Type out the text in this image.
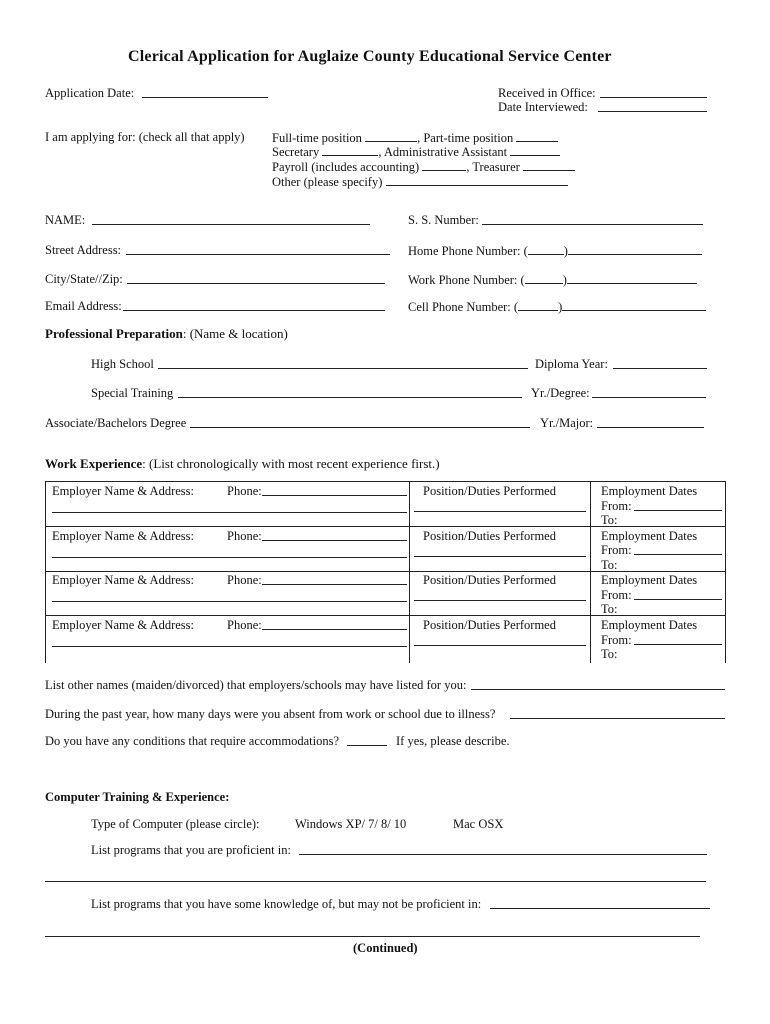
Clerical Application for Auglaize County Educational Service Center
Application Date:	Received in Office:
Date Interviewed:
I am applying for: (check all that apply) Full-time position	, Part-time position
Secretary	, Administrative Assistant
Payroll (includes accounting)	, Treasurer
Other (please specify)
NAME:	S. S. Number:
Street Address:	Home Phone Number: (	)
City/State//Zip:	Work Phone Number: (	)
Email Address:	Cell Phone Number: (	)
Professional Preparation: (Name & location)
High School	Diploma Year:
Special Training	Yr./Degree:
Associate/Bachelors Degree	Yr./Major:
Work Experience: (List chronologically with most recent experience first.)
Employer Name & Address:	Phone:	Position/Duties Performed	Employment Dates
From:
To:
Employer Name & Address:	Phone:	Position/Duties Performed	Employment Dates
From:
To:
Employer Name & Address:	Phone:	Position/Duties Performed	Employment Dates
From:
To:
Employer Name & Address:	Phone:	Position/Duties Performed	Employment Dates
From:
To:
List other names (maiden/divorced) that employers/schools may have listed for you:
During the past year, how many days were you absent from work or school due to illness?
Do you have any conditions that require accommodations?	If yes, please describe.
Computer Training & Experience:
Type of Computer (please circle):	Windows XP/ 7/ 8/ 10	Mac OSX
List programs that you are proficient in:
List programs that you have some knowledge of, but may not be proficient in:
(Continued)
